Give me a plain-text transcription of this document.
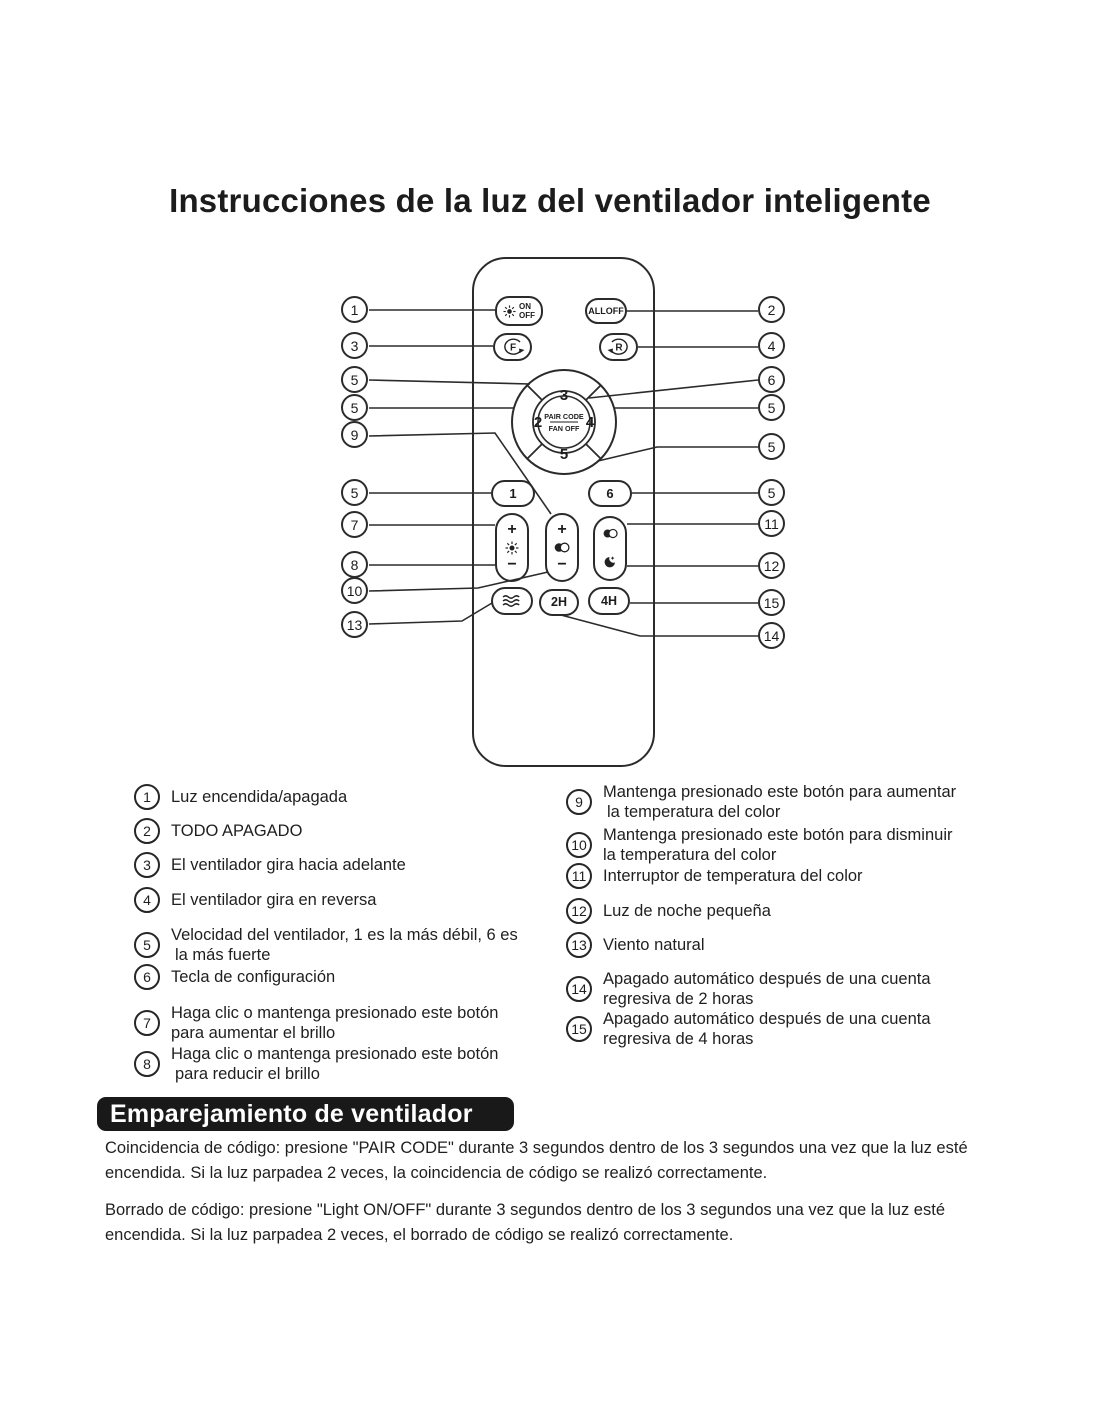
Instrucciones de la luz del ventilador inteligente
ON
OFF	ALLOFF
F	R
3
2	4
5
PAIR CODE
FAN OFF
1	6
+
−
+
−
2H	4H
1
3
5
5
9
5
7
8
10
13
2
4
6
5
5
5
11
12
15
14
1	Luz encendida/apagada
2	TODO APAGADO
3	El ventilador gira hacia adelante
4	El ventilador gira en reversa
5
Velocidad del ventilador, 1 es la más débil, 6 es
la más fuerte
6	Tecla de configuración
7
Haga clic o mantenga presionado este botón
para aumentar el brillo
8
Haga clic o mantenga presionado este botón
para reducir el brillo
9
Mantenga presionado este botón para aumentar
la temperatura del color
10
Mantenga presionado este botón para disminuir
la temperatura del color
11	Interruptor de temperatura del color
12 Luz de noche pequeña
13 Viento natural
14
Apagado automático después de una cuenta
regresiva de 2 horas
15
Apagado automático después de una cuenta
regresiva de 4 horas
Emparejamiento de ventilador
Coincidencia de código: presione "PAIR CODE" durante 3 segundos dentro de los 3 segundos una vez que la luz esté encendida. Si la luz parpadea 2 veces, la coincidencia de código se realizó correctamente.
Borrado de código: presione "Light ON/OFF" durante 3 segundos dentro de los 3 segundos una vez que la luz esté encendida. Si la luz parpadea 2 veces, el borrado de código se realizó correctamente.
